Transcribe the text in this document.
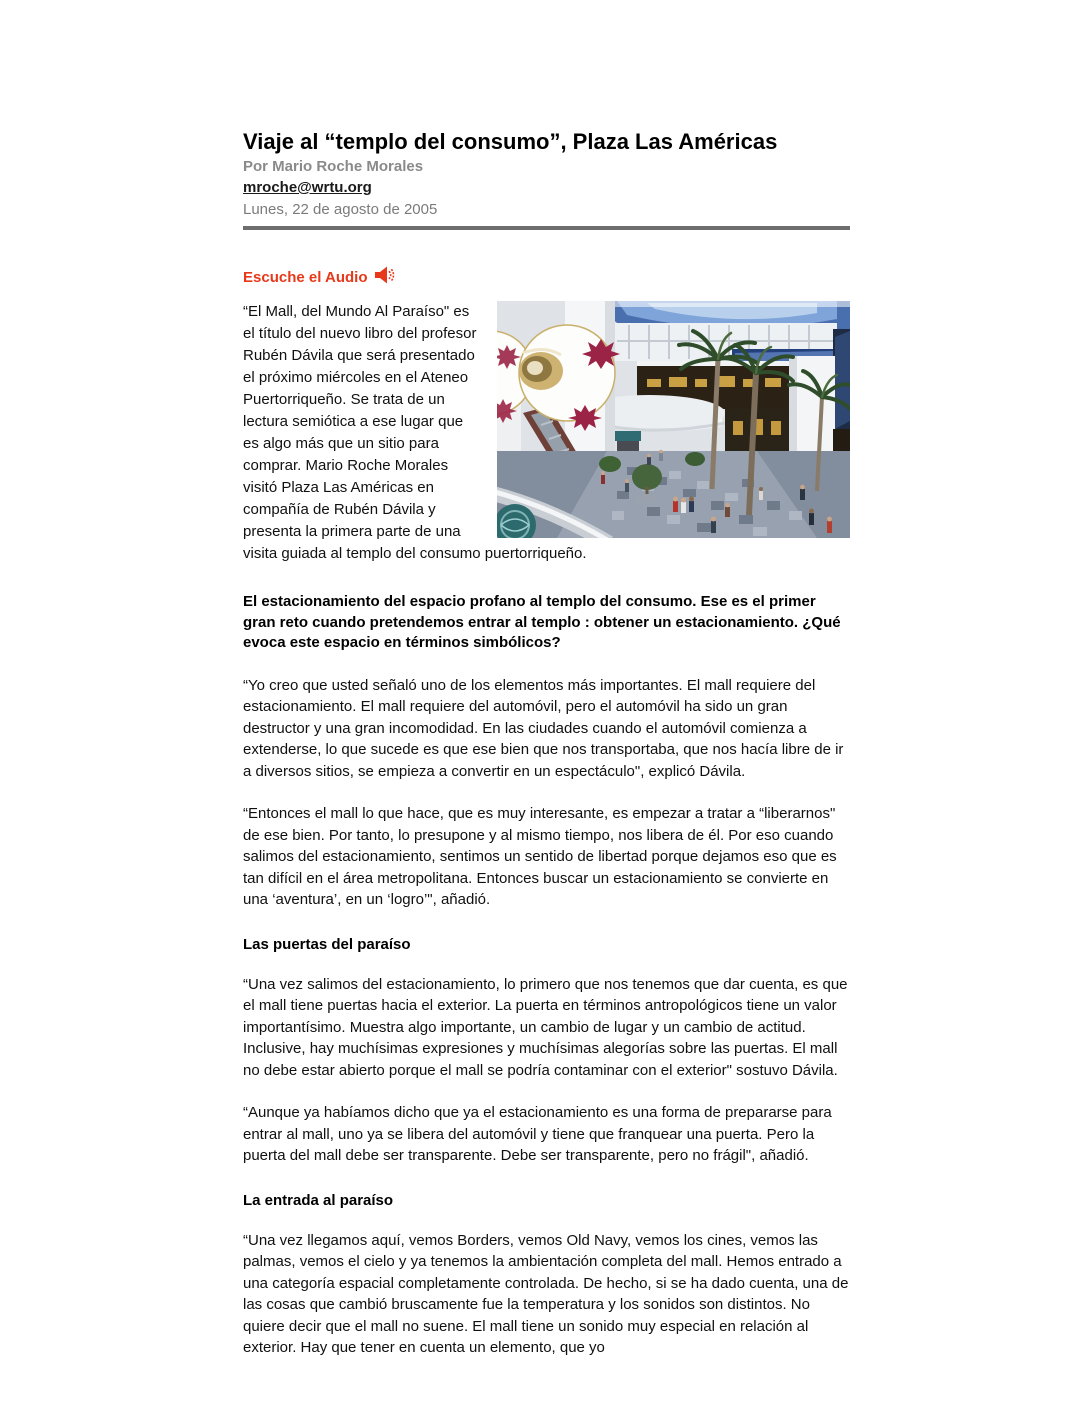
Viaje al “templo del consumo”, Plaza Las Américas
Por Mario Roche Morales
mroche@wrtu.org
Lunes, 22 de agosto de 2005
Escuche el Audio

“El Mall, del Mundo Al Paraíso" es el título del nuevo libro del profesor Rubén Dávila que será presentado el próximo miércoles en el Ateneo Puertorriqueño. Se trata de un lectura semiótica a ese lugar que es algo más que un sitio para comprar. Mario Roche Morales visitó Plaza Las Américas en compañía de Rubén Dávila y presenta la primera parte de una visita guiada al templo del consumo puertorriqueño.

El estacionamiento del espacio profano al templo del consumo. Ese es el primer gran reto cuando pretendemos entrar al templo : obtener un estacionamiento. ¿Qué evoca este espacio en términos simbólicos?

“Yo creo que usted señaló uno de los elementos más importantes. El mall requiere del estacionamiento. El mall requiere del automóvil, pero el automóvil ha sido un gran destructor y una gran incomodidad. En las ciudades cuando el automóvil comienza a extenderse, lo que sucede es que ese bien que nos transportaba, que nos hacía libre de ir a diversos sitios, se empieza a convertir en un espectáculo", explicó Dávila.

“Entonces el mall lo que hace, que es muy interesante, es empezar a tratar a “liberarnos" de ese bien. Por tanto, lo presupone y al mismo tiempo, nos libera de él. Por eso cuando salimos del estacionamiento, sentimos un sentido de libertad porque dejamos eso que es tan difícil en el área metropolitana. Entonces buscar un estacionamiento se convierte en una ‘aventura’, en un ‘logro’", añadió.

Las puertas del paraíso

“Una vez salimos del estacionamiento, lo primero que nos tenemos que dar cuenta, es que el mall tiene puertas hacia el exterior. La puerta en términos antropológicos tiene un valor importantísimo. Muestra algo importante, un cambio de lugar y un cambio de actitud. Inclusive, hay muchísimas expresiones y muchísimas alegorías sobre las puertas. El mall no debe estar abierto porque el mall se podría contaminar con el exterior" sostuvo Dávila.

“Aunque ya habíamos dicho que ya el estacionamiento es una forma de prepararse para entrar al mall, uno ya se libera del automóvil y tiene que franquear una puerta. Pero la puerta del mall debe ser transparente. Debe ser transparente, pero no frágil", añadió.

La entrada al paraíso

“Una vez llegamos aquí, vemos Borders, vemos Old Navy, vemos los cines, vemos las palmas, vemos el cielo y ya tenemos la ambientación completa del mall. Hemos entrado a una categoría espacial completamente controlada. De hecho, si se ha dado cuenta, una de las cosas que cambió bruscamente fue la temperatura y los sonidos son distintos. No quiere decir que el mall no suene. El mall tiene un sonido muy especial en relación al exterior. Hay que tener en cuenta un elemento, que yo
